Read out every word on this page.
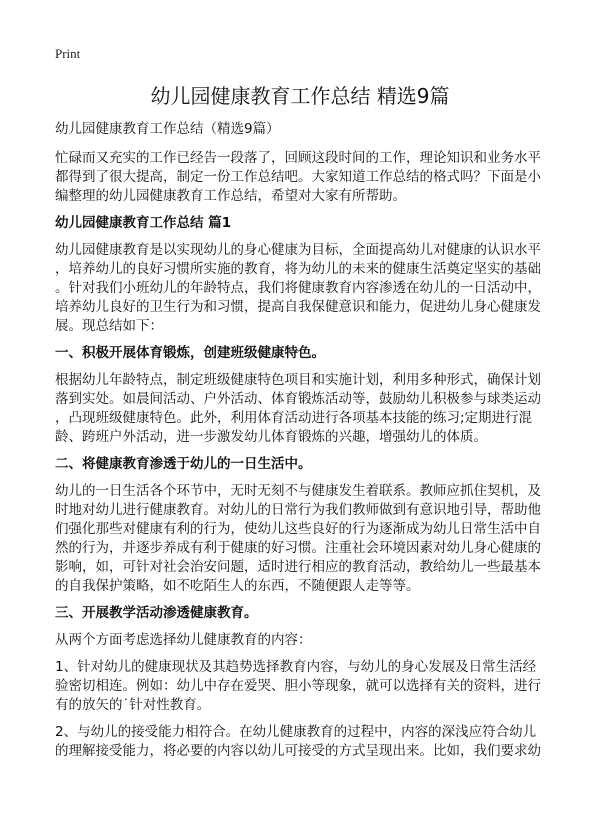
Print
幼儿园健康教育工作总结 精选9篇
幼儿园健康教育工作总结（精选9篇）
忙碌而又充实的工作已经告一段落了，回顾这段时间的工作，理论知识和业务水平
都得到了很大提高，制定一份工作总结吧。大家知道工作总结的格式吗？下面是小
编整理的幼儿园健康教育工作总结，希望对大家有所帮助。
幼儿园健康教育工作总结 篇1
幼儿园健康教育是以实现幼儿的身心健康为目标，全面提高幼儿对健康的认识水平
，培养幼儿的良好习惯所实施的教育，将为幼儿的未来的健康生活奠定坚实的基础
。针对我们小班幼儿的年龄特点，我们将健康教育内容渗透在幼儿的一日活动中，
培养幼儿良好的卫生行为和习惯，提高自我保健意识和能力，促进幼儿身心健康发
展。现总结如下：
一、积极开展体育锻炼，创建班级健康特色。
根据幼儿年龄特点，制定班级健康特色项目和实施计划，利用多种形式，确保计划
落到实处。如晨间活动、户外活动、体育锻炼活动等，鼓励幼儿积极参与球类运动
，凸现班级健康特色。此外，利用体育活动进行各项基本技能的练习;定期进行混
龄、跨班户外活动，进一步激发幼儿体育锻炼的兴趣，增强幼儿的体质。
二、将健康教育渗透于幼儿的一日生活中。
幼儿的一日生活各个环节中，无时无刻不与健康发生着联系。教师应抓住契机，及
时地对幼儿进行健康教育。对幼儿的日常行为我们教师做到有意识地引导，帮助他
们强化那些对健康有利的行为，使幼儿这些良好的行为逐渐成为幼儿日常生活中自
然的行为，并逐步养成有利于健康的好习惯。注重社会环境因素对幼儿身心健康的
影响，如，可针对社会治安问题，适时进行相应的教育活动，教给幼儿一些最基本
的自我保护策略，如不吃陌生人的东西，不随便跟人走等等。
三、开展教学活动渗透健康教育。
从两个方面考虑选择幼儿健康教育的内容：
1、针对幼儿的健康现状及其趋势选择教育内容，与幼儿的身心发展及日常生活经
验密切相连。例如：幼儿中存在爱哭、胆小等现象，就可以选择有关的资料，进行
有的放矢的˙针对性教育。
2、与幼儿的接受能力相符合。在幼儿健康教育的过程中，内容的深浅应符合幼儿
的理解接受能力，将必要的内容以幼儿可接受的方式呈现出来。比如，我们要求幼
